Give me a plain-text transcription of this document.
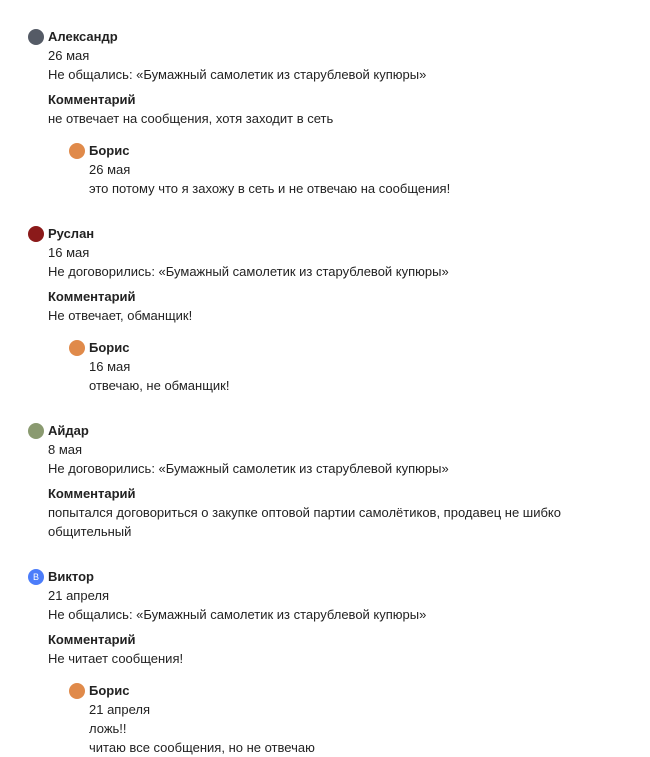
Александр
26 мая
Не общались: «Бумажный самолетик из старублевой купюры»
Комментарий
не отвечает на сообщения, хотя заходит в сеть
Борис
26 мая
это потому что я захожу в сеть и не отвечаю на сообщения!
Руслан
16 мая
Не договорились: «Бумажный самолетик из старублевой купюры»
Комментарий
Не отвечает, обманщик!
Борис
16 мая
отвечаю, не обманщик!
Айдар
8 мая
Не договорились: «Бумажный самолетик из старублевой купюры»
Комментарий
попытался договориться о закупке оптовой партии самолётиков, продавец не шибко общительный
В Виктор
21 апреля
Не общались: «Бумажный самолетик из старублевой купюры»
Комментарий
Не читает сообщения!
Борис
21 апреля
ложь!!
читаю все сообщения, но не отвечаю
